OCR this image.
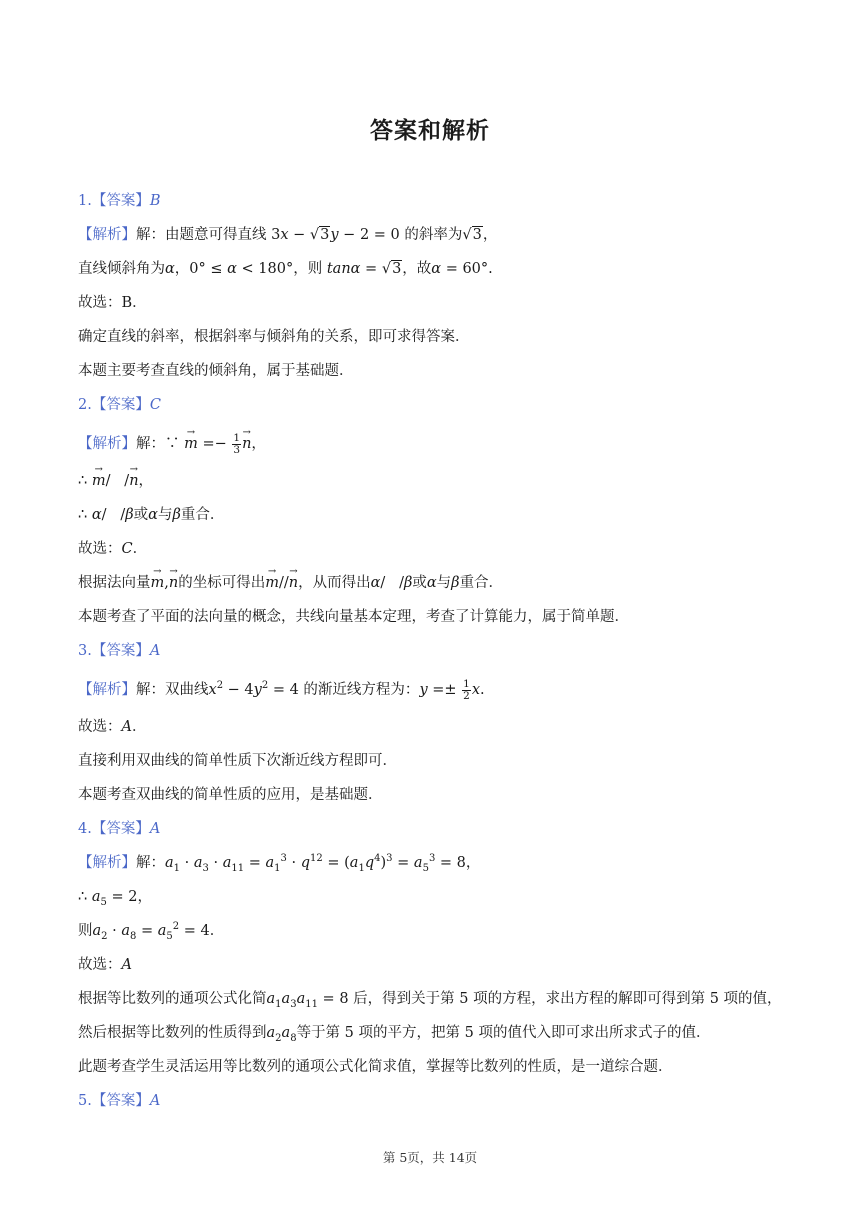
答案和解析
1.【答案】B
【解析】解：由题意可得直线 3x − √3y − 2 = 0 的斜率为√3，
直线倾斜角为α，0° ≤ α < 180°，则 tanα = √3，故α = 60°.
故选：B．
确定直线的斜率，根据斜率与倾斜角的关系，即可求得答案．
本题主要考查直线的倾斜角，属于基础题．
2.【答案】C
【解析】解：∵ → $m =- \frac{1}{3}$
→ n，
∴ → m/   /→ n，
∴ α/   /β或α与β重合．
故选：C．
根据法向量→ m,→ n的坐标可得出→ m//→ n，从而得出α/   /β或α与β重合．
本题考查了平面的法向量的概念，共线向量基本定理，考查了计算能力，属于简单题．
3.【答案】A
【解析】解：双曲线$x^2 - 4y^2 = 4$ 的渐近线方程为：$y =\pm \frac{1}{2} x$.
故选：A．
直接利用双曲线的简单性质下次渐近线方程即可．
本题考查双曲线的简单性质的应用，是基础题．
4.【答案】A
【解析】解：$a_1 \cdot a_3 \cdot a_{11} = a_1^3 \cdot q^{12} = (a_1q^4)^3 = a_5^3 = 8$，
∴ $a_5 = 2$，
则$a_2 \cdot a_8 = a_5^2 = 4$．
故选：A
根据等比数列的通项公式化简$a_1a_3a_{11} = 8$ 后，得到关于第 5 项的方程，求出方程的解即可得到第 5 项的值，
然后根据等比数列的性质得到$a_2a_8$等于第 5 项的平方，把第 5 项的值代入即可求出所求式子的值．
此题考查学生灵活运用等比数列的通项公式化简求值，掌握等比数列的性质，是一道综合题．
5.【答案】A
第 5页，共 14页
